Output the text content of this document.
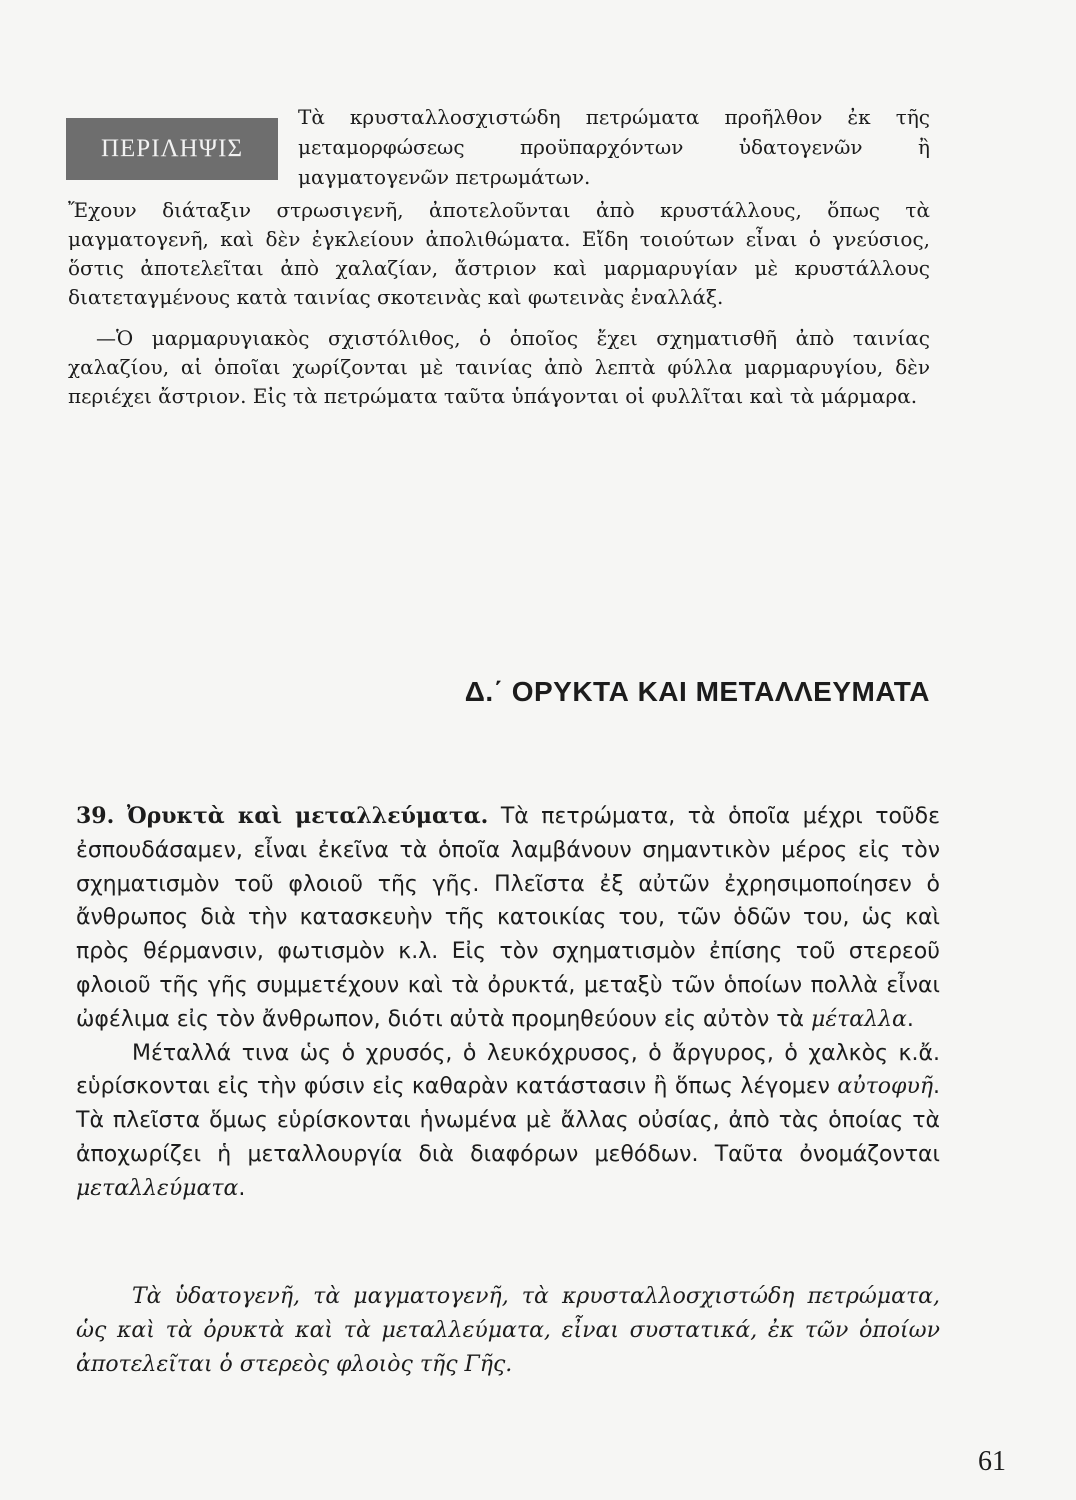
ΠΕΡΙΛΗΨΙΣ
Τὰ κρυσταλλοσχιστώδη πετρώματα προῆλθον ἐκ τῆς μεταμορφώσεως προϋπαρχόντων ὑδατογενῶν ἢ μαγματογενῶν πετρωμάτων.

Ἔχουν διάταξιν στρωσιγενῆ, ἀποτελοῦνται ἀπὸ κρυστάλλους, ὅπως τὰ μαγματογενῆ, καὶ δὲν ἐγκλείουν ἀπολιθώματα. Εἴδη τοιούτων εἶναι ὁ γνεύσιος, ὅστις ἀποτελεῖται ἀπὸ χαλαζίαν, ἄστριον καὶ μαρμαρυγίαν μὲ κρυστάλλους διατεταγμένους κατὰ ταινίας σκοτεινὰς καὶ φωτεινὰς ἐναλλάξ.

—Ὁ μαρμαρυγιακὸς σχιστόλιθος, ὁ ὁποῖος ἔχει σχηματισθῆ ἀπὸ ταινίας χαλαζίου, αἱ ὁποῖαι χωρίζονται μὲ ταινίας ἀπὸ λεπτὰ φύλλα μαρμαρυγίου, δὲν περιέχει ἄστριον. Εἰς τὰ πετρώματα ταῦτα ὑπάγονται οἱ φυλλῖται καὶ τὰ μάρμαρα.

Δ.΄ ΟΡΥΚΤΑ ΚΑΙ ΜΕΤΑΛΛΕΥΜΑΤΑ

39. Ὀρυκτὰ καὶ μεταλλεύματα. Τὰ πετρώματα, τὰ ὁποῖα μέχρι τοῦδε ἐσπουδάσαμεν, εἶναι ἐκεῖνα τὰ ὁποῖα λαμβάνουν σημαντικὸν μέρος εἰς τὸν σχηματισμὸν τοῦ φλοιοῦ τῆς γῆς. Πλεῖστα ἐξ αὐτῶν ἐχρησιμοποίησεν ὁ ἄνθρωπος διὰ τὴν κατασκευὴν τῆς κατοικίας του, τῶν ὁδῶν του, ὡς καὶ πρὸς θέρμανσιν, φωτισμὸν κ.λ. Εἰς τὸν σχηματισμὸν ἐπίσης τοῦ στερεοῦ φλοιοῦ τῆς γῆς συμμετέχουν καὶ τὰ ὀρυκτά, μεταξὺ τῶν ὁποίων πολλὰ εἶναι ὠφέλιμα εἰς τὸν ἄνθρωπον, διότι αὐτὰ προμηθεύουν εἰς αὐτὸν τὰ μέταλλα.

Μέταλλά τινα ὡς ὁ χρυσός, ὁ λευκόχρυσος, ὁ ἄργυρος, ὁ χαλκὸς κ.ἄ. εὑρίσκονται εἰς τὴν φύσιν εἰς καθαρὰν κατάστασιν ἢ ὅπως λέγομεν αὐτοφυῆ. Τὰ πλεῖστα ὅμως εὑρίσκονται ἡνωμένα μὲ ἄλλας οὐσίας, ἀπὸ τὰς ὁποίας τὰ ἀποχωρίζει ἡ μεταλλουργία διὰ διαφόρων μεθόδων. Ταῦτα ὀνομάζονται μεταλλεύματα.

Τὰ ὑδατογενῆ, τὰ μαγματογενῆ, τὰ κρυσταλλοσχιστώδη πετρώματα, ὡς καὶ τὰ ὀρυκτὰ καὶ τὰ μεταλλεύματα, εἶναι συστατικά, ἐκ τῶν ὁποίων ἀποτελεῖται ὁ στερεὸς φλοιὸς τῆς Γῆς.
61
